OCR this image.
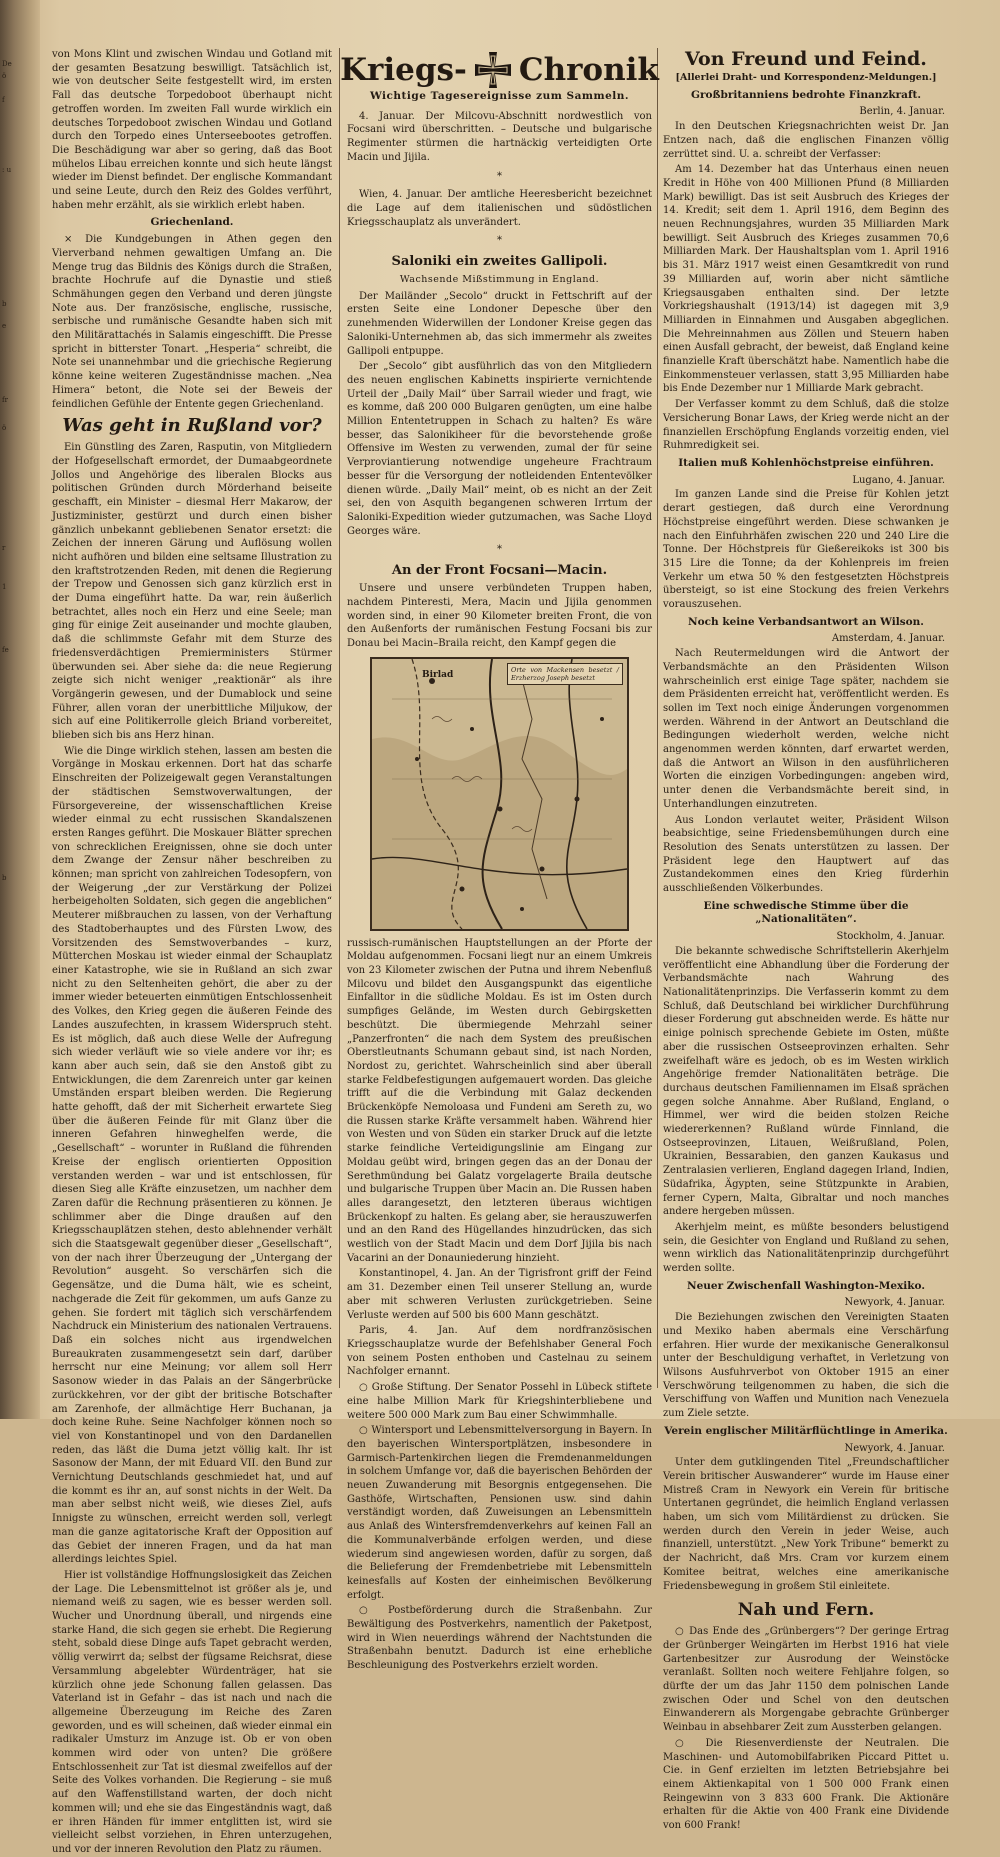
De
ö
f
: u
b
e
fr
ö
r
1
fe
b

von Mons Klint und zwischen Windau und Gotland mit der gesamten Besatzung beswilligt. Tatsächlich ist, wie von deutscher Seite festgestellt wird, im ersten Fall das deutsche Torpedoboot überhaupt nicht getroffen worden. Im zweiten Fall wurde wirklich ein deutsches Torpedoboot zwischen Windau und Gotland durch den Torpedo eines Unterseebootes getroffen. Die Beschädigung war aber so gering, daß das Boot mühelos Libau erreichen konnte und sich heute längst wieder im Dienst befindet. Der englische Kommandant und seine Leute, durch den Reiz des Goldes verführt, haben mehr erzählt, als sie wirklich erlebt haben.

Griechenland.

× Die Kundgebungen in Athen gegen den Vierverband nehmen gewaltigen Umfang an. Die Menge trug das Bildnis des Königs durch die Straßen, brachte Hochrufe auf die Dynastie und stieß Schmähungen gegen den Verband und deren jüngste Note aus. Der französische, englische, russische, serbische und rumänische Gesandte haben sich mit den Militärattachés in Salamis eingeschifft. Die Presse spricht in bitterster Tonart. „Hesperia“ schreibt, die Note sei unannehmbar und die griechische Regierung könne keine weiteren Zugeständnisse machen. „Nea Himera“ betont, die Note sei der Beweis der feindlichen Gefühle der Entente gegen Griechenland.

Was geht in Rußland vor?

Ein Günstling des Zaren, Rasputin, von Mitgliedern der Hofgesellschaft ermordet, der Dumaabgeordnete Jollos und Angehörige des liberalen Blocks aus politischen Gründen durch Mörderhand beiseite geschafft, ein Minister – diesmal Herr Makarow, der Justizminister, gestürzt und durch einen bisher gänzlich unbekannt gebliebenen Senator ersetzt: die Zeichen der inneren Gärung und Auflösung wollen nicht aufhören und bilden eine seltsame Illustration zu den kraftstrotzenden Reden, mit denen die Regierung der Trepow und Genossen sich ganz kürzlich erst in der Duma eingeführt hatte. Da war, rein äußerlich betrachtet, alles noch ein Herz und eine Seele; man ging für einige Zeit auseinander und mochte glauben, daß die schlimmste Gefahr mit dem Sturze des friedensverdächtigen Premierministers Stürmer überwunden sei. Aber siehe da: die neue Regierung zeigte sich nicht weniger „reaktionär“ als ihre Vorgängerin gewesen, und der Dumablock und seine Führer, allen voran der unerbittliche Miljukow, der sich auf eine Politikerrolle gleich Briand vorbereitet, blieben sich bis ans Herz hinan.

Wie die Dinge wirklich stehen, lassen am besten die Vorgänge in Moskau erkennen. Dort hat das scharfe Einschreiten der Polizeigewalt gegen Veranstaltungen der städtischen Semstwoverwaltungen, der Fürsorgevereine, der wissenschaftlichen Kreise wieder einmal zu echt russischen Skandalszenen ersten Ranges geführt. Die Moskauer Blätter sprechen von schrecklichen Ereignissen, ohne sie doch unter dem Zwange der Zensur näher beschreiben zu können; man spricht von zahlreichen Todesopfern, von der Weigerung „der zur Verstärkung der Polizei herbeigeholten Soldaten, sich gegen die angeblichen“ Meuterer mißbrauchen zu lassen, von der Verhaftung des Stadtoberhauptes und des Fürsten Lwow, des Vorsitzenden des Semstwoverbandes – kurz, Mütterchen Moskau ist wieder einmal der Schauplatz einer Katastrophe, wie sie in Rußland an sich zwar nicht zu den Seltenheiten gehört, die aber zu der immer wieder beteuerten einmütigen Entschlossenheit des Volkes, den Krieg gegen die äußeren Feinde des Landes auszufechten, in krassem Widerspruch steht. Es ist möglich, daß auch diese Welle der Aufregung sich wieder verläuft wie so viele andere vor ihr; es kann aber auch sein, daß sie den Anstoß gibt zu Entwicklungen, die dem Zarenreich unter gar keinen Umständen erspart bleiben werden. Die Regierung hatte gehofft, daß der mit Sicherheit erwartete Sieg über die äußeren Feinde für mit Glanz über die inneren Gefahren hinweghelfen werde, die „Gesellschaft“ – worunter in Rußland die führenden Kreise der englisch orientierten Opposition verstanden werden – war und ist entschlossen, für diesen Sieg alle Kräfte einzusetzen, um nachher dem Zaren dafür die Rechnung präsentieren zu können. Je schlimmer aber die Dinge draußen auf den Kriegsschauplätzen stehen, desto ablehnender verhält sich die Staatsgewalt gegenüber dieser „Gesellschaft“, von der nach ihrer Überzeugung der „Untergang der Revolution“ ausgeht. So verschärfen sich die Gegensätze, und die Duma hält, wie es scheint, nachgerade die Zeit für gekommen, um aufs Ganze zu gehen. Sie fordert mit täglich sich verschärfendem Nachdruck ein Ministerium des nationalen Vertrauens. Daß ein solches nicht aus irgendwelchen Bureaukraten zusammengesetzt sein darf, darüber herrscht nur eine Meinung; vor allem soll Herr Sasonow wieder in das Palais an der Sängerbrücke zurückkehren, vor der gibt der britische Botschafter am Zarenhofe, der allmächtige Herr Buchanan, ja doch keine Ruhe. Seine Nachfolger können noch so viel von Konstantinopel und von den Dardanellen reden, das läßt die Duma jetzt völlig kalt. Ihr ist Sasonow der Mann, der mit Eduard VII. den Bund zur Vernichtung Deutschlands geschmiedet hat, und auf die kommt es ihr an, auf sonst nichts in der Welt. Da man aber selbst nicht weiß, wie dieses Ziel, aufs Innigste zu wünschen, erreicht werden soll, verlegt man die ganze agitatorische Kraft der Opposition auf das Gebiet der inneren Fragen, und da hat man allerdings leichtes Spiel.

Hier ist vollständige Hoffnungslosigkeit das Zeichen der Lage. Die Lebensmittelnot ist größer als je, und niemand weiß zu sagen, wie es besser werden soll. Wucher und Unordnung überall, und nirgends eine starke Hand, die sich gegen sie erhebt. Die Regierung steht, sobald diese Dinge aufs Tapet gebracht werden, völlig verwirrt da; selbst der fügsame Reichsrat, diese Versammlung abgelebter Würdenträger, hat sie kürzlich ohne jede Schonung fallen gelassen. Das Vaterland ist in Gefahr – das ist nach und nach die allgemeine Überzeugung im Reiche des Zaren geworden, und es will scheinen, daß wieder einmal ein radikaler Umsturz im Anzuge ist. Ob er von oben kommen wird oder von unten? Die größere Entschlossenheit zur Tat ist diesmal zweifellos auf der Seite des Volkes vorhanden. Die Regierung – sie muß auf den Waffenstillstand warten, der doch nicht kommen will; und ehe sie das Eingeständnis wagt, daß er ihren Händen für immer entglitten ist, wird sie vielleicht selbst vorziehen, in Ehren unterzugehen, und vor der inneren Revolution den Platz zu räumen.

Kriegs- Chronik
Wichtige Tagesereignisse zum Sammeln.

4. Januar. Der Milcovu-Abschnitt nordwestlich von Focsani wird überschritten. – Deutsche und bulgarische Regimenter stürmen die hartnäckig verteidigten Orte Macin und Jijila.

*

Wien, 4. Januar. Der amtliche Heeresbericht bezeichnet die Lage auf dem italienischen und südöstlichen Kriegsschauplatz als unverändert.

*
Saloniki ein zweites Gallipoli.
Wachsende Mißstimmung in England.

Der Mailänder „Secolo“ druckt in Fettschrift auf der ersten Seite eine Londoner Depesche über den zunehmenden Widerwillen der Londoner Kreise gegen das Saloniki-Unternehmen ab, das sich immermehr als zweites Gallipoli entpuppe.

Der „Secolo“ gibt ausführlich das von den Mitgliedern des neuen englischen Kabinetts inspirierte vernichtende Urteil der „Daily Mail“ über Sarrail wieder und fragt, wie es komme, daß 200 000 Bulgaren genügten, um eine halbe Million Ententetruppen in Schach zu halten? Es wäre besser, das Salonikiheer für die bevorstehende große Offensive im Westen zu verwenden, zumal der für seine Verproviantierung notwendige ungeheure Frachtraum besser für die Versorgung der notleidenden Ententevölker dienen würde. „Daily Mail“ meint, ob es nicht an der Zeit sei, den von Asquith begangenen schweren Irrtum der Saloniki-Expedition wieder gutzumachen, was Sache Lloyd Georges wäre.

*
An der Front Focsani—Macin.

Unsere und unsere verbündeten Truppen haben, nachdem Pinteresti, Mera, Macin und Jijila genommen worden sind, in einer 90 Kilometer breiten Front, die von den Außenforts der rumänischen Festung Focsani bis zur Donau bei Macin–Braila reicht, den Kampf gegen die

Birlad	Orte von Mackensen besetzt / Erzherzog Joseph besetzt

russisch-rumänischen Hauptstellungen an der Pforte der Moldau aufgenommen. Focsani liegt nur an einem Umkreis von 23 Kilometer zwischen der Putna und ihrem Nebenfluß Milcovu und bildet den Ausgangspunkt das eigentliche Einfalltor in die südliche Moldau. Es ist im Osten durch sumpfiges Gelände, im Westen durch Gebirgsketten beschützt. Die übermiegende Mehrzahl seiner „Panzerfronten“ die nach dem System des preußischen Oberstleutnants Schumann gebaut sind, ist nach Norden, Nordost zu, gerichtet. Wahrscheinlich sind aber überall starke Feldbefestigungen aufgemauert worden. Das gleiche trifft auf die die Verbindung mit Galaz deckenden Brückenköpfe Nemoloasa und Fundeni am Sereth zu, wo die Russen starke Kräfte versammelt haben. Während hier von Westen und von Süden ein starker Druck auf die letzte starke feindliche Verteidigungslinie am Eingang zur Moldau geübt wird, bringen gegen das an der Donau der Serethmündung bei Galatz vorgelagerte Braila deutsche und bulgarische Truppen über Macin an. Die Russen haben alles darangesetzt, den letzteren überaus wichtigen Brückenkopf zu halten. Es gelang aber, sie herauszuwerfen und an den Rand des Hügellandes hinzudrücken, das sich westlich von der Stadt Macin und dem Dorf Jijila bis nach Vacarini an der Donauniederung hinzieht.

Konstantinopel, 4. Jan. An der Tigrisfront griff der Feind am 31. Dezember einen Teil unserer Stellung an, wurde aber mit schweren Verlusten zurückgetrieben. Seine Verluste werden auf 500 bis 600 Mann geschätzt.

Paris, 4. Jan. Auf dem nordfranzösischen Kriegsschauplatze wurde der Befehlshaber General Foch von seinem Posten enthoben und Castelnau zu seinem Nachfolger ernannt.

○ Große Stiftung. Der Senator Possehl in Lübeck stiftete eine halbe Million Mark für Kriegshinterbliebene und weitere 500 000 Mark zum Bau einer Schwimmhalle.

○ Wintersport und Lebensmittelversorgung in Bayern. In den bayerischen Wintersportplätzen, insbesondere in Garmisch-Partenkirchen liegen die Fremdenanmeldungen in solchem Umfange vor, daß die bayerischen Behörden der neuen Zuwanderung mit Besorgnis entgegensehen. Die Gasthöfe, Wirtschaften, Pensionen usw. sind dahin verständigt worden, daß Zuweisungen an Lebensmitteln aus Anlaß des Wintersfremdenverkehrs auf keinen Fall an die Kommunalverbände erfolgen werden, und diese wiederum sind angewiesen worden, dafür zu sorgen, daß die Belieferung der Fremdenbetriebe mit Lebensmitteln keinesfalls auf Kosten der einheimischen Bevölkerung erfolgt.

○ Postbeförderung durch die Straßenbahn. Zur Bewältigung des Postverkehrs, namentlich der Paketpost, wird in Wien neuerdings während der Nachtstunden die Straßenbahn benutzt. Dadurch ist eine erhebliche Beschleunigung des Postverkehrs erzielt worden.

Von Freund und Feind.
[Allerlei Draht- und Korrespondenz-Meldungen.]
Großbritanniens bedrohte Finanzkraft.
Berlin, 4. Januar.

In den Deutschen Kriegsnachrichten weist Dr. Jan Entzen nach, daß die englischen Finanzen völlig zerrüttet sind. U. a. schreibt der Verfasser:

Am 14. Dezember hat das Unterhaus einen neuen Kredit in Höhe von 400 Millionen Pfund (8 Milliarden Mark) bewilligt. Das ist seit Ausbruch des Krieges der 14. Kredit; seit dem 1. April 1916, dem Beginn des neuen Rechnungsjahres, wurden 35 Milliarden Mark bewilligt. Seit Ausbruch des Krieges zusammen 70,6 Milliarden Mark. Der Haushaltsplan vom 1. April 1916 bis 31. März 1917 weist einen Gesamtkredit von rund 39 Milliarden auf, worin aber nicht sämtliche Kriegsausgaben enthalten sind. Der letzte Vorkriegshaushalt (1913/14) ist dagegen mit 3,9 Milliarden in Einnahmen und Ausgaben abgeglichen. Die Mehreinnahmen aus Zöllen und Steuern haben einen Ausfall gebracht, der beweist, daß England keine finanzielle Kraft überschätzt habe. Namentlich habe die Einkommensteuer verlassen, statt 3,95 Milliarden habe bis Ende Dezember nur 1 Milliarde Mark gebracht.

Der Verfasser kommt zu dem Schluß, daß die stolze Versicherung Bonar Laws, der Krieg werde nicht an der finanziellen Erschöpfung Englands vorzeitig enden, viel Ruhmredigkeit sei.

Italien muß Kohlenhöchstpreise einführen.
Lugano, 4. Januar.

Im ganzen Lande sind die Preise für Kohlen jetzt derart gestiegen, daß durch eine Verordnung Höchstpreise eingeführt werden. Diese schwanken je nach den Einfuhrhäfen zwischen 220 und 240 Lire die Tonne. Der Höchstpreis für Gießereikoks ist 300 bis 315 Lire die Tonne; da der Kohlenpreis im freien Verkehr um etwa 50 % den festgesetzten Höchstpreis übersteigt, so ist eine Stockung des freien Verkehrs vorauszusehen.

Noch keine Verbandsantwort an Wilson.
Amsterdam, 4. Januar.

Nach Reutermeldungen wird die Antwort der Verbandsmächte an den Präsidenten Wilson wahrscheinlich erst einige Tage später, nachdem sie dem Präsidenten erreicht hat, veröffentlicht werden. Es sollen im Text noch einige Änderungen vorgenommen werden. Während in der Antwort an Deutschland die Bedingungen wiederholt werden, welche nicht angenommen werden könnten, darf erwartet werden, daß die Antwort an Wilson in den ausführlicheren Worten die einzigen Vorbedingungen: angeben wird, unter denen die Verbandsmächte bereit sind, in Unterhandlungen einzutreten.

Aus London verlautet weiter, Präsident Wilson beabsichtige, seine Friedensbemühungen durch eine Resolution des Senats unterstützen zu lassen. Der Präsident lege den Hauptwert auf das Zustandekommen eines den Krieg fürderhin ausschließenden Völkerbundes.

Eine schwedische Stimme über die „Nationalitäten“.
Stockholm, 4. Januar.

Die bekannte schwedische Schriftstellerin Akerhjelm veröffentlicht eine Abhandlung über die Forderung der Verbandsmächte nach Wahrung des Nationalitätenprinzips. Die Verfasserin kommt zu dem Schluß, daß Deutschland bei wirklicher Durchführung dieser Forderung gut abschneiden werde. Es hätte nur einige polnisch sprechende Gebiete im Osten, müßte aber die russischen Ostseeprovinzen erhalten. Sehr zweifelhaft wäre es jedoch, ob es im Westen wirklich Angehörige fremder Nationalitäten beträge. Die durchaus deutschen Familiennamen im Elsaß sprächen gegen solche Annahme. Aber Rußland, England, o Himmel, wer wird die beiden stolzen Reiche wiedererkennen? Rußland würde Finnland, die Ostseeprovinzen, Litauen, Weißrußland, Polen, Ukrainien, Bessarabien, den ganzen Kaukasus und Zentralasien verlieren, England dagegen Irland, Indien, Südafrika, Ägypten, seine Stützpunkte in Arabien, ferner Cypern, Malta, Gibraltar und noch manches andere hergeben müssen.

Akerhjelm meint, es müßte besonders belustigend sein, die Gesichter von England und Rußland zu sehen, wenn wirklich das Nationalitätenprinzip durchgeführt werden sollte.

Neuer Zwischenfall Washington-Mexiko.
Newyork, 4. Januar.

Die Beziehungen zwischen den Vereinigten Staaten und Mexiko haben abermals eine Verschärfung erfahren. Hier wurde der mexikanische Generalkonsul unter der Beschuldigung verhaftet, in Verletzung von Wilsons Ausfuhrverbot von Oktober 1915 an einer Verschwörung teilgenommen zu haben, die sich die Verschiffung von Waffen und Munition nach Venezuela zum Ziele setzte.

Verein englischer Militärflüchtlinge in Amerika.
Newyork, 4. Januar.

Unter dem gutklingenden Titel „Freundschaftlicher Verein britischer Auswanderer“ wurde im Hause einer Mistreß Cram in Newyork ein Verein für britische Untertanen gegründet, die heimlich England verlassen haben, um sich vom Militärdienst zu drücken. Sie werden durch den Verein in jeder Weise, auch finanziell, unterstützt. „New York Tribune“ bemerkt zu der Nachricht, daß Mrs. Cram vor kurzem einem Komitee beitrat, welches eine amerikanische Friedensbewegung in großem Stil einleitete.

Nah und Fern.

○ Das Ende des „Grünbergers“? Der geringe Ertrag der Grünberger Weingärten im Herbst 1916 hat viele Gartenbesitzer zur Ausrodung der Weinstöcke veranlaßt. Sollten noch weitere Fehljahre folgen, so dürfte der um das Jahr 1150 dem polnischen Lande zwischen Oder und Schel von den deutschen Einwanderern als Morgengabe gebrachte Grünberger Weinbau in absehbarer Zeit zum Aussterben gelangen.

○ Die Riesenverdienste der Neutralen. Die Maschinen- und Automobilfabriken Piccard Pittet u. Cie. in Genf erzielten im letzten Betriebsjahre bei einem Aktienkapital von 1 500 000 Frank einen Reingewinn von 3 833 600 Frank. Die Aktionäre erhalten für die Aktie von 400 Frank eine Dividende von 600 Frank!
